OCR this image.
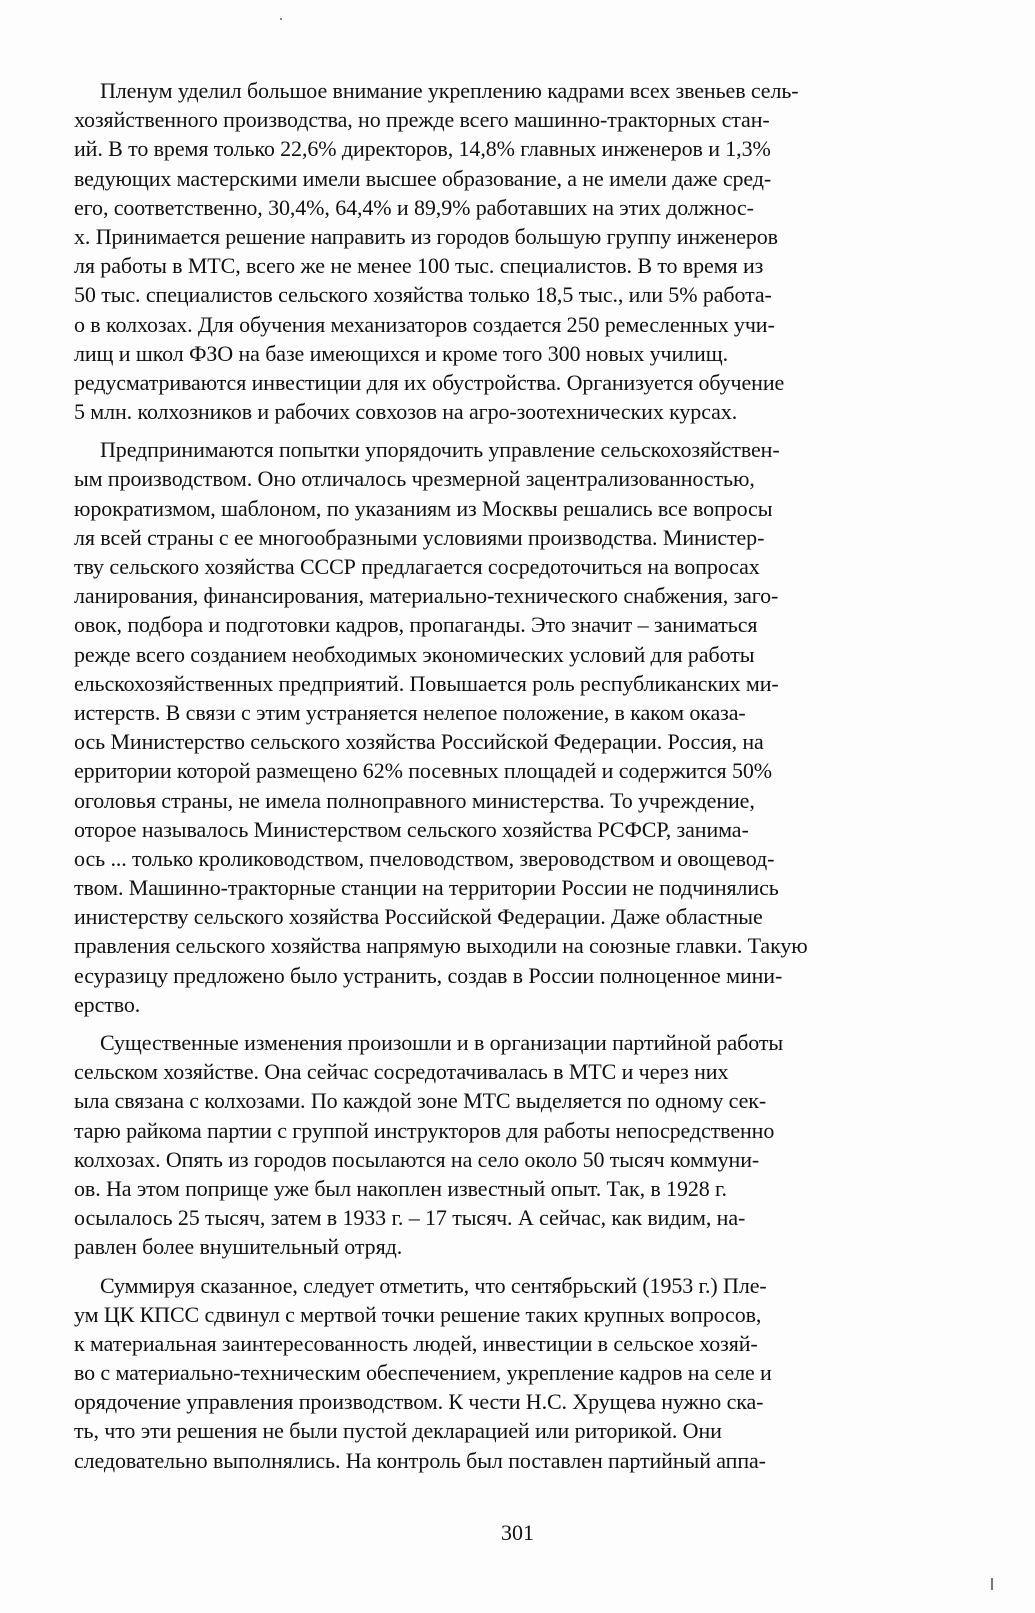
Пленум уделил большое внимание укреплению кадрами всех звеньев сель-
хозяйственного производства, но прежде всего машинно-тракторных стан-
ий. В то время только 22,6% директоров, 14,8% главных инженеров и 1,3%
ведующих мастерскими имели высшее образование, а не имели даже сред-
его, соответственно, 30,4%, 64,4% и 89,9% работавших на этих должнос-
х. Принимается решение направить из городов большую группу инженеров
ля работы в МТС, всего же не менее 100 тыс. специалистов. В то время из
50 тыс. специалистов сельского хозяйства только 18,5 тыс., или 5% работа-
о в колхозах. Для обучения механизаторов создается 250 ремесленных учи-
лищ и школ ФЗО на базе имеющихся и кроме того 300 новых училищ.
редусматриваются инвестиции для их обустройства. Организуется обучение
5 млн. колхозников и рабочих совхозов на агро-зоотехнических курсах.
Предпринимаются попытки упорядочить управление сельскохозяйствен-
ым производством. Оно отличалось чрезмерной зацентрализованностью,
юрократизмом, шаблоном, по указаниям из Москвы решались все вопросы
ля всей страны с ее многообразными условиями производства. Министер-
тву сельского хозяйства СССР предлагается сосредоточиться на вопросах
ланирования, финансирования, материально-технического снабжения, заго-
овок, подбора и подготовки кадров, пропаганды. Это значит – заниматься
режде всего созданием необходимых экономических условий для работы
ельскохозяйственных предприятий. Повышается роль республиканских ми-
истерств. В связи с этим устраняется нелепое положение, в каком оказа-
ось Министерство сельского хозяйства Российской Федерации. Россия, на
ерритории которой размещено 62% посевных площадей и содержится 50%
оголовья страны, не имела полноправного министерства. То учреждение,
оторое называлось Министерством сельского хозяйства РСФСР, занима-
ось ... только кролиководством, пчеловодством, звероводством и овощевод-
твом. Машинно-тракторные станции на территории России не подчинялись
инистерству сельского хозяйства Российской Федерации. Даже областные
правления сельского хозяйства напрямую выходили на союзные главки. Такую
есуразицу предложено было устранить, создав в России полноценное мини-
ерство.
Существенные изменения произошли и в организации партийной работы
сельском хозяйстве. Она сейчас сосредотачивалась в МТС и через них
ыла связана с колхозами. По каждой зоне МТС выделяется по одному сек-
тарю райкома партии с группой инструкторов для работы непосредственно
колхозах. Опять из городов посылаются на село около 50 тысяч коммуни-
ов. На этом поприще уже был накоплен известный опыт. Так, в 1928 г.
осылалось 25 тысяч, затем в 1933 г. – 17 тысяч. А сейчас, как видим, на-
равлен более внушительный отряд.
Суммируя сказанное, следует отметить, что сентябрьский (1953 г.) Пле-
ум ЦК КПСС сдвинул с мертвой точки решение таких крупных вопросов,
к материальная заинтересованность людей, инвестиции в сельское хозяй-
во с материально-техническим обеспечением, укрепление кадров на селе и
орядочение управления производством. К чести Н.С. Хрущева нужно ска-
ть, что эти решения не были пустой декларацией или риторикой. Они
следовательно выполнялись. На контроль был поставлен партийный аппа-
301
